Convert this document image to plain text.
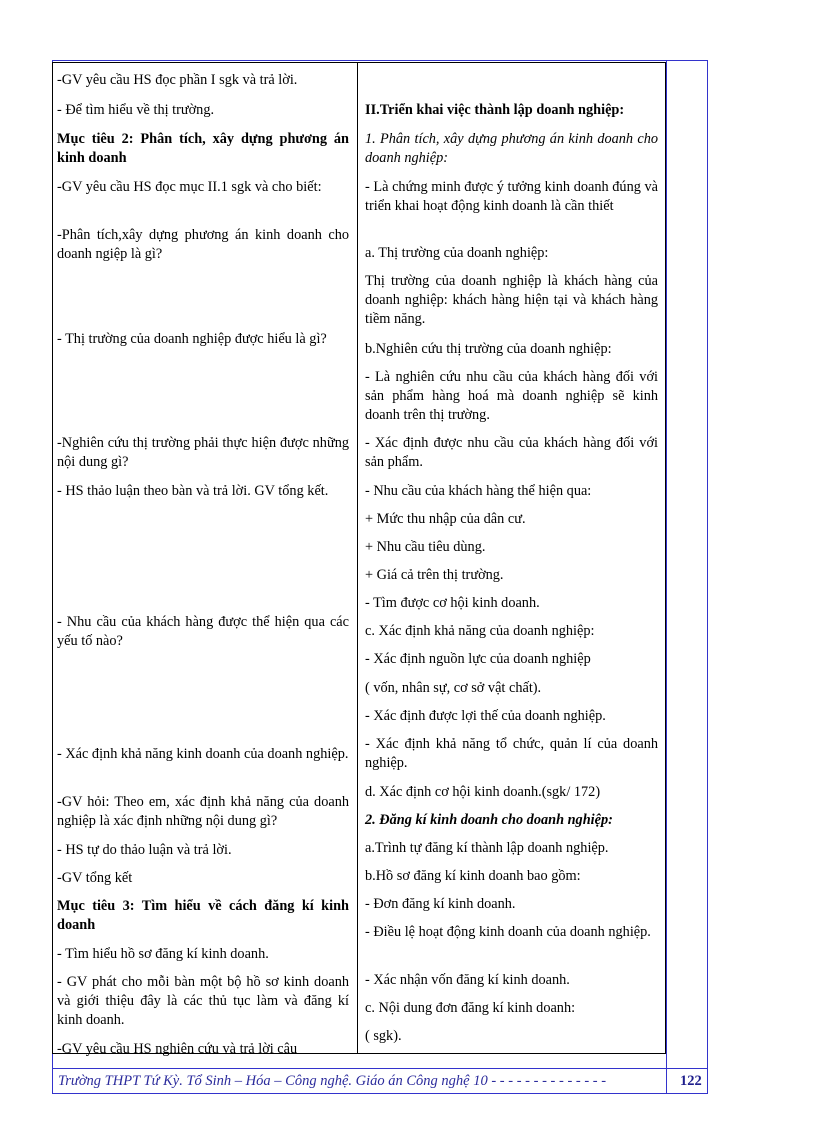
-GV yêu cầu HS đọc phần I sgk và trả lời.
- Để tìm hiểu về thị trường.
Mục tiêu 2: Phân tích, xây dựng phương án kinh doanh
-GV yêu cầu HS đọc mục II.1 sgk và cho biết:
-Phân tích,xây dựng phương án kinh doanh cho doanh ngiệp là gì?
- Thị trường của doanh nghiệp được hiểu là gì?
-Nghiên cứu thị trường phải thực hiện được những nội dung gì?
- HS thảo luận theo bàn và trả lời. GV tổng kết.
- Nhu cầu của khách hàng được thể hiện qua các yếu tố nào?
- Xác định khả năng kinh doanh của doanh nghiệp.
-GV hỏi: Theo em, xác định khả năng của doanh nghiệp là xác định những nội dung gì?
- HS tự do thảo luận và trả lời.
-GV tổng kết
Mục tiêu 3: Tìm hiểu về cách đăng kí kinh doanh
- Tìm hiểu hồ sơ đăng kí kinh doanh.
- GV phát cho mỗi bàn một bộ hồ sơ kinh doanh và giới thiệu đây là các thủ tục làm và đăng kí kinh doanh.
-GV yêu cầu HS nghiên cứu và trả lời câu
II.Triển khai việc thành lập doanh nghiệp:
1. Phân tích, xây dựng phương án kinh doanh cho doanh nghiệp:
- Là chứng minh được ý tưởng kinh doanh đúng và triển khai hoạt động kinh doanh là cần thiết
a. Thị trường của doanh nghiệp:
Thị trường của doanh nghiệp là khách hàng của doanh nghiệp: khách hàng hiện tại và khách hàng tiềm năng.
b.Nghiên cứu thị trường của doanh nghiệp:
- Là nghiên cứu nhu cầu của khách hàng đối với sản phẩm hàng hoá mà doanh nghiệp sẽ kinh doanh trên thị trường.
- Xác định được nhu cầu của khách hàng đối với sản phẩm.
- Nhu cầu của khách hàng thể hiện qua:
+ Mức thu nhập của dân cư.
+ Nhu cầu tiêu dùng.
+ Giá cả trên thị trường.
- Tìm được cơ hội kinh doanh.
c. Xác định khả năng của doanh nghiệp:
- Xác định nguồn lực của doanh nghiệp
( vốn, nhân sự, cơ sở vật chất).
- Xác định được lợi thế của doanh nghiệp.
- Xác định khả năng tổ chức, quản lí của doanh nghiệp.
d. Xác định cơ hội kinh doanh.(sgk/ 172)
2. Đăng kí kinh doanh cho doanh nghiệp:
a.Trình tự đăng kí thành lập doanh nghiệp.
b.Hồ sơ đăng kí kinh doanh bao gồm:
- Đơn đăng kí kinh doanh.
- Điều lệ hoạt động kinh doanh của doanh nghiệp.
- Xác nhận vốn đăng kí kinh doanh.
c. Nội dung đơn đăng kí kinh doanh:
( sgk).
Trường THPT Tứ Kỳ. Tổ Sinh – Hóa – Công nghệ. Giáo án Công nghệ 10 - - - - - - - - - - - - - -	122
